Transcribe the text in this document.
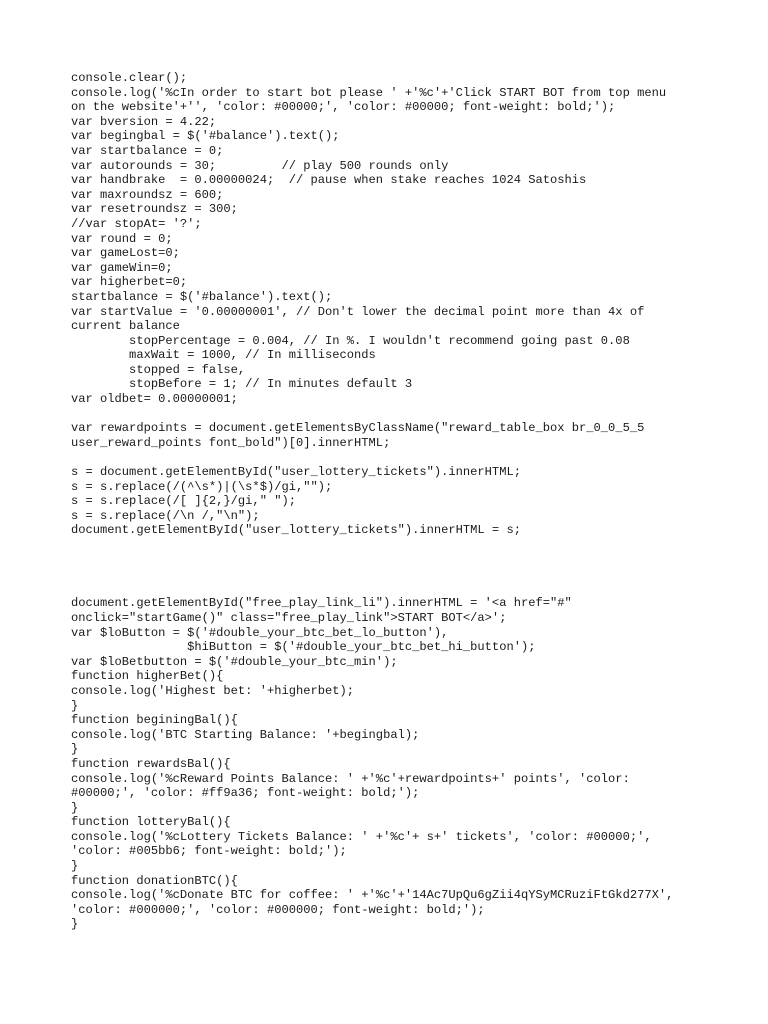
console.clear();
console.log('%cIn order to start bot please ' +'%c'+'Click START BOT from top menu
on the website'+'', 'color: #00000;', 'color: #00000; font-weight: bold;');
var bversion = 4.22;
var begingbal = $('#balance').text();
var startbalance = 0;
var autorounds = 30;         // play 500 rounds only
var handbrake  = 0.00000024;  // pause when stake reaches 1024 Satoshis
var maxroundsz = 600;
var resetroundsz = 300;
//var stopAt= '?';
var round = 0;
var gameLost=0;
var gameWin=0;
var higherbet=0;
startbalance = $('#balance').text();
var startValue = '0.00000001', // Don't lower the decimal point more than 4x of
current balance
stopPercentage = 0.004, // In %. I wouldn't recommend going past 0.08
maxWait = 1000, // In milliseconds
stopped = false,
stopBefore = 1; // In minutes default 3
var oldbet= 0.00000001;
var rewardpoints = document.getElementsByClassName("reward_table_box br_0_0_5_5
user_reward_points font_bold")[0].innerHTML;
s = document.getElementById("user_lottery_tickets").innerHTML;
s = s.replace(/(^\s*)|(\s*$)/gi,"");
s = s.replace(/[ ]{2,}/gi," ");
s = s.replace(/\n /,"\n");
document.getElementById("user_lottery_tickets").innerHTML = s;
document.getElementById("free_play_link_li").innerHTML = '<a href="#"
onclick="startGame()" class="free_play_link">START BOT</a>';
var $loButton = $('#double_your_btc_bet_lo_button'),
$hiButton = $('#double_your_btc_bet_hi_button');
var $loBetbutton = $('#double_your_btc_min');
function higherBet(){
console.log('Highest bet: '+higherbet);
}
function beginingBal(){
console.log('BTC Starting Balance: '+begingbal);
}
function rewardsBal(){
console.log('%cReward Points Balance: ' +'%c'+rewardpoints+' points', 'color:
#00000;', 'color: #ff9a36; font-weight: bold;');
}
function lotteryBal(){
console.log('%cLottery Tickets Balance: ' +'%c'+ s+' tickets', 'color: #00000;',
'color: #005bb6; font-weight: bold;');
}
function donationBTC(){
console.log('%cDonate BTC for coffee: ' +'%c'+'14Ac7UpQu6gZii4qYSyMCRuziFtGkd277X',
'color: #000000;', 'color: #000000; font-weight: bold;');
}
